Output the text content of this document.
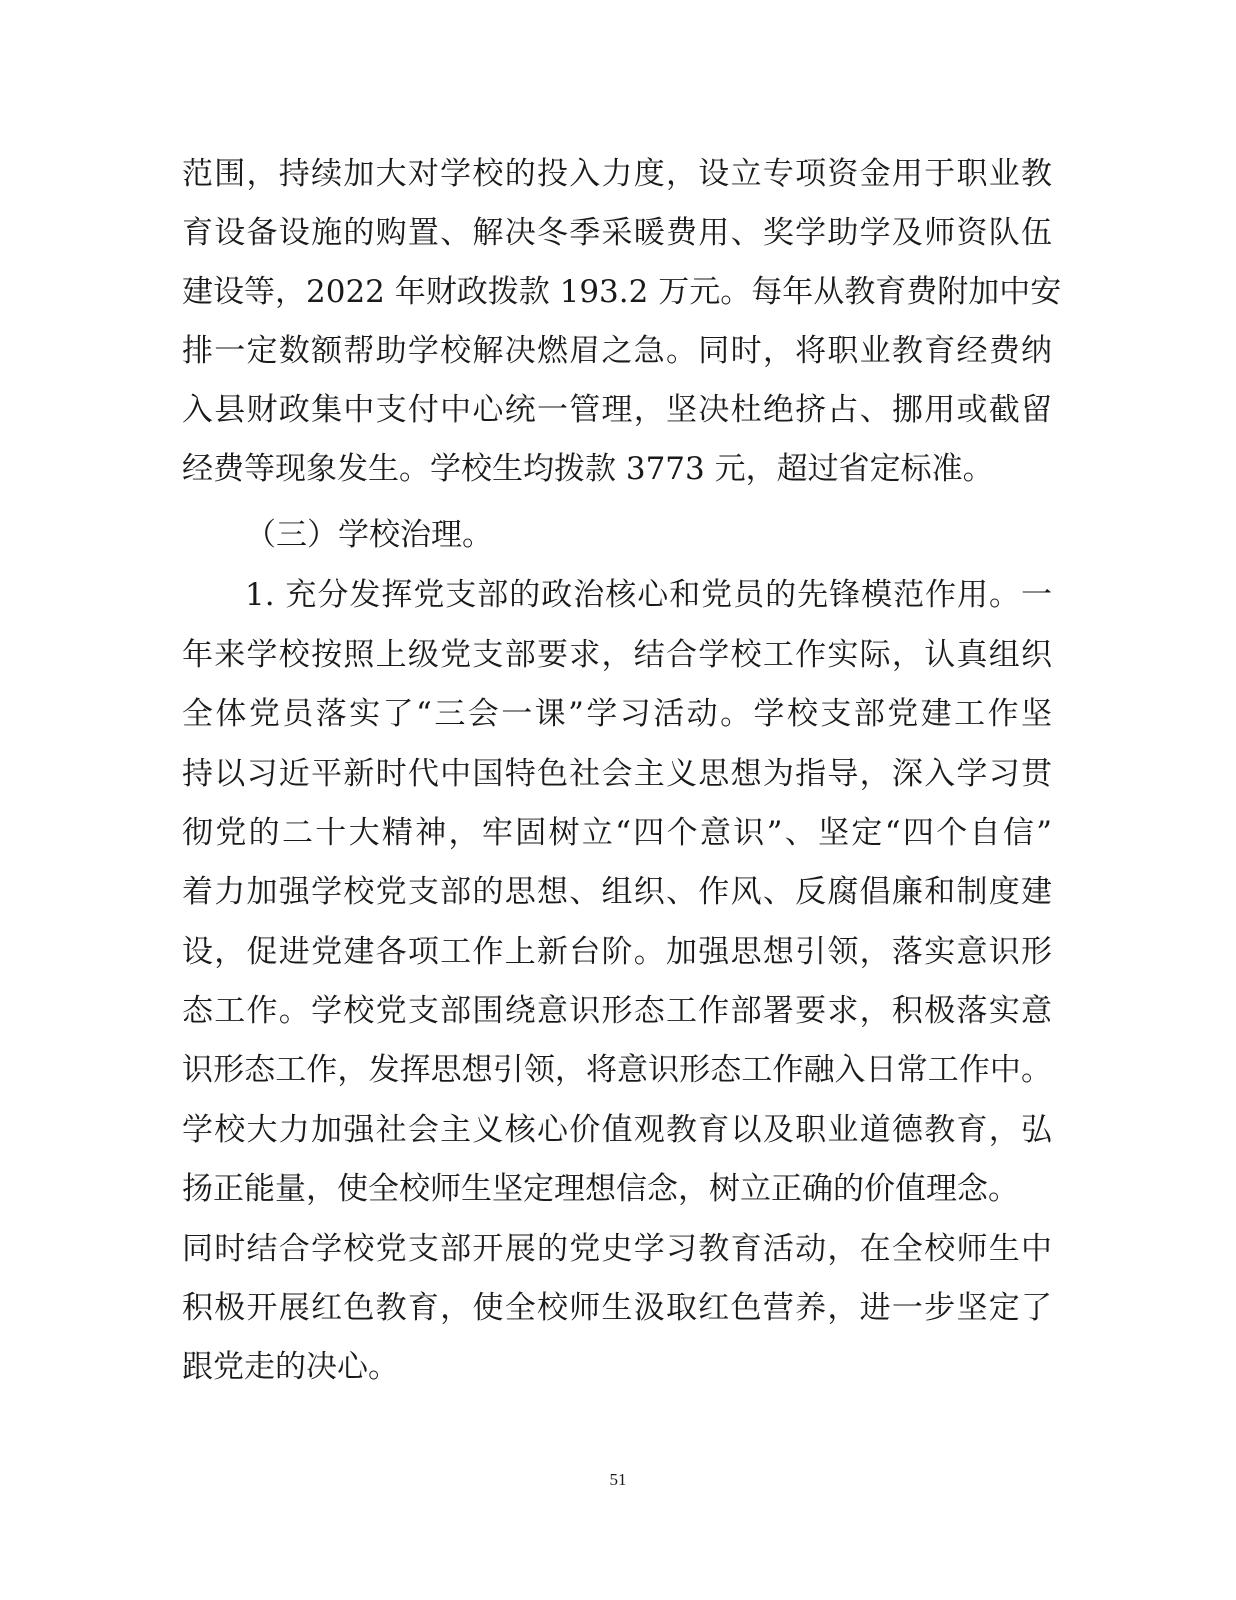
范围，持续加大对学校的投入力度，设立专项资金用于职业教
育设备设施的购置、解决冬季采暖费用、奖学助学及师资队伍
建设等，2022 年财政拨款 193.2 万元。每年从教育费附加中安
排一定数额帮助学校解决燃眉之急。同时，将职业教育经费纳
入县财政集中支付中心统一管理，坚决杜绝挤占、挪用或截留
经费等现象发生。学校生均拨款 3773 元，超过省定标准。
（三）学校治理。
1. 充分发挥党支部的政治核心和党员的先锋模范作用。一
年来学校按照上级党支部要求，结合学校工作实际，认真组织
全体党员落实了“三会一课”学习活动。学校支部党建工作坚
持以习近平新时代中国特色社会主义思想为指导，深入学习贯
彻党的二十大精神，牢固树立“四个意识”、坚定“四个自信”
着力加强学校党支部的思想、组织、作风、反腐倡廉和制度建
设，促进党建各项工作上新台阶。加强思想引领，落实意识形
态工作。学校党支部围绕意识形态工作部署要求，积极落实意
识形态工作，发挥思想引领，将意识形态工作融入日常工作中。
学校大力加强社会主义核心价值观教育以及职业道德教育，弘
扬正能量，使全校师生坚定理想信念，树立正确的价值理念。
同时结合学校党支部开展的党史学习教育活动，在全校师生中
积极开展红色教育，使全校师生汲取红色营养，进一步坚定了
跟党走的决心。
51
